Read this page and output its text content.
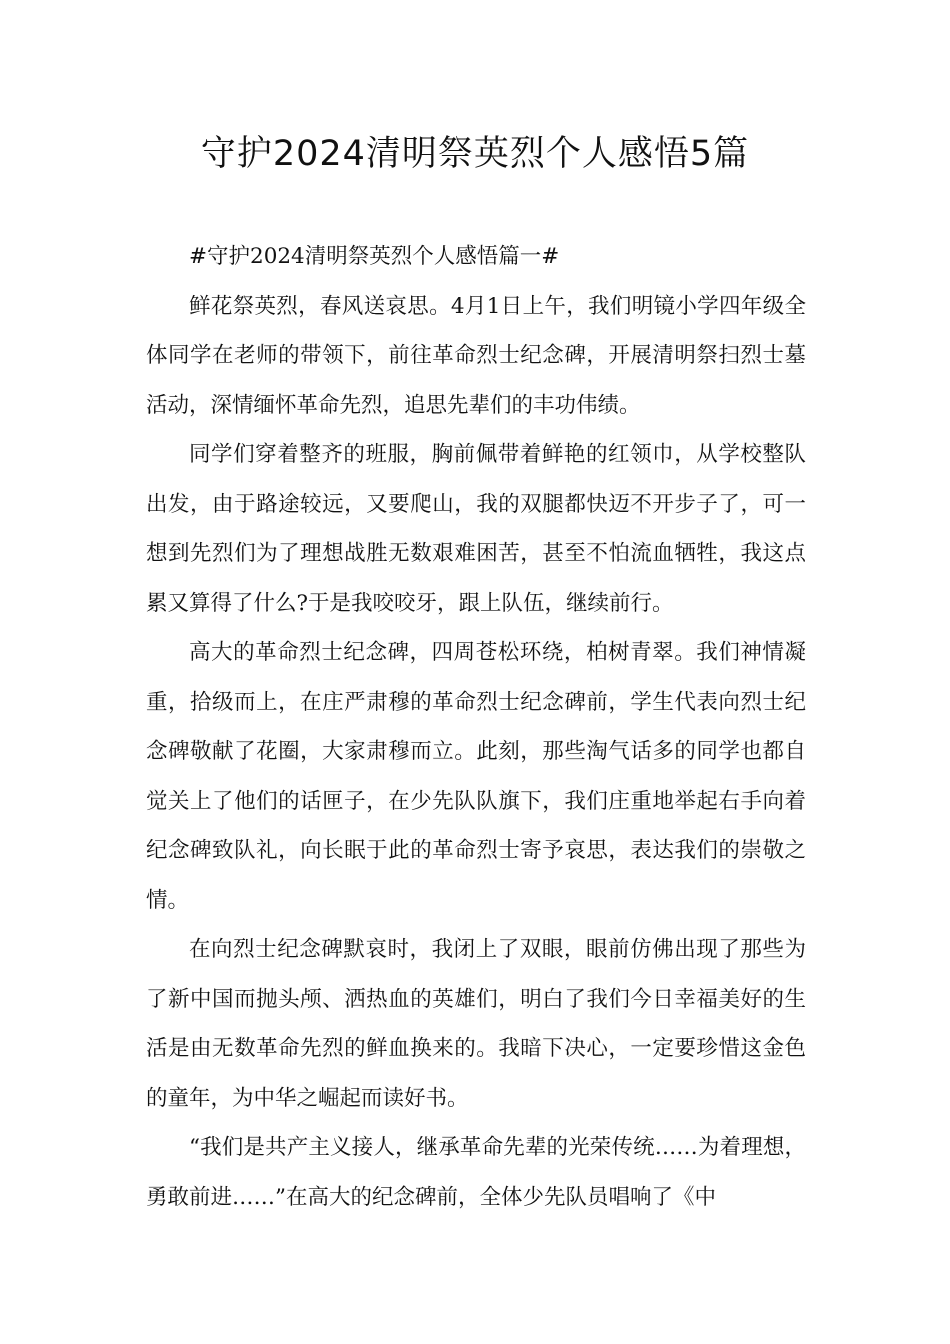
守护2024清明祭英烈个人感悟5篇

#守护2024清明祭英烈个人感悟篇一#

鲜花祭英烈，春风送哀思。4月1日上午，我们明镜小学四年级全体同学在老师的带领下，前往革命烈士纪念碑，开展清明祭扫烈士墓活动，深情缅怀革命先烈，追思先辈们的丰功伟绩。

同学们穿着整齐的班服，胸前佩带着鲜艳的红领巾，从学校整队出发，由于路途较远，又要爬山，我的双腿都快迈不开步子了，可一想到先烈们为了理想战胜无数艰难困苦，甚至不怕流血牺牲，我这点累又算得了什么?于是我咬咬牙，跟上队伍，继续前行。

高大的革命烈士纪念碑，四周苍松环绕，柏树青翠。我们神情凝重，拾级而上，在庄严肃穆的革命烈士纪念碑前，学生代表向烈士纪念碑敬献了花圈，大家肃穆而立。此刻，那些淘气话多的同学也都自觉关上了他们的话匣子，在少先队队旗下，我们庄重地举起右手向着纪念碑致队礼，向长眠于此的革命烈士寄予哀思，表达我们的崇敬之情。

在向烈士纪念碑默哀时，我闭上了双眼，眼前仿佛出现了那些为了新中国而抛头颅、洒热血的英雄们，明白了我们今日幸福美好的生活是由无数革命先烈的鲜血换来的。我暗下决心，一定要珍惜这金色的童年，为中华之崛起而读好书。

“我们是共产主义接人，继承革命先辈的光荣传统……为着理想，勇敢前进……”在高大的纪念碑前，全体少先队员唱响了《中
